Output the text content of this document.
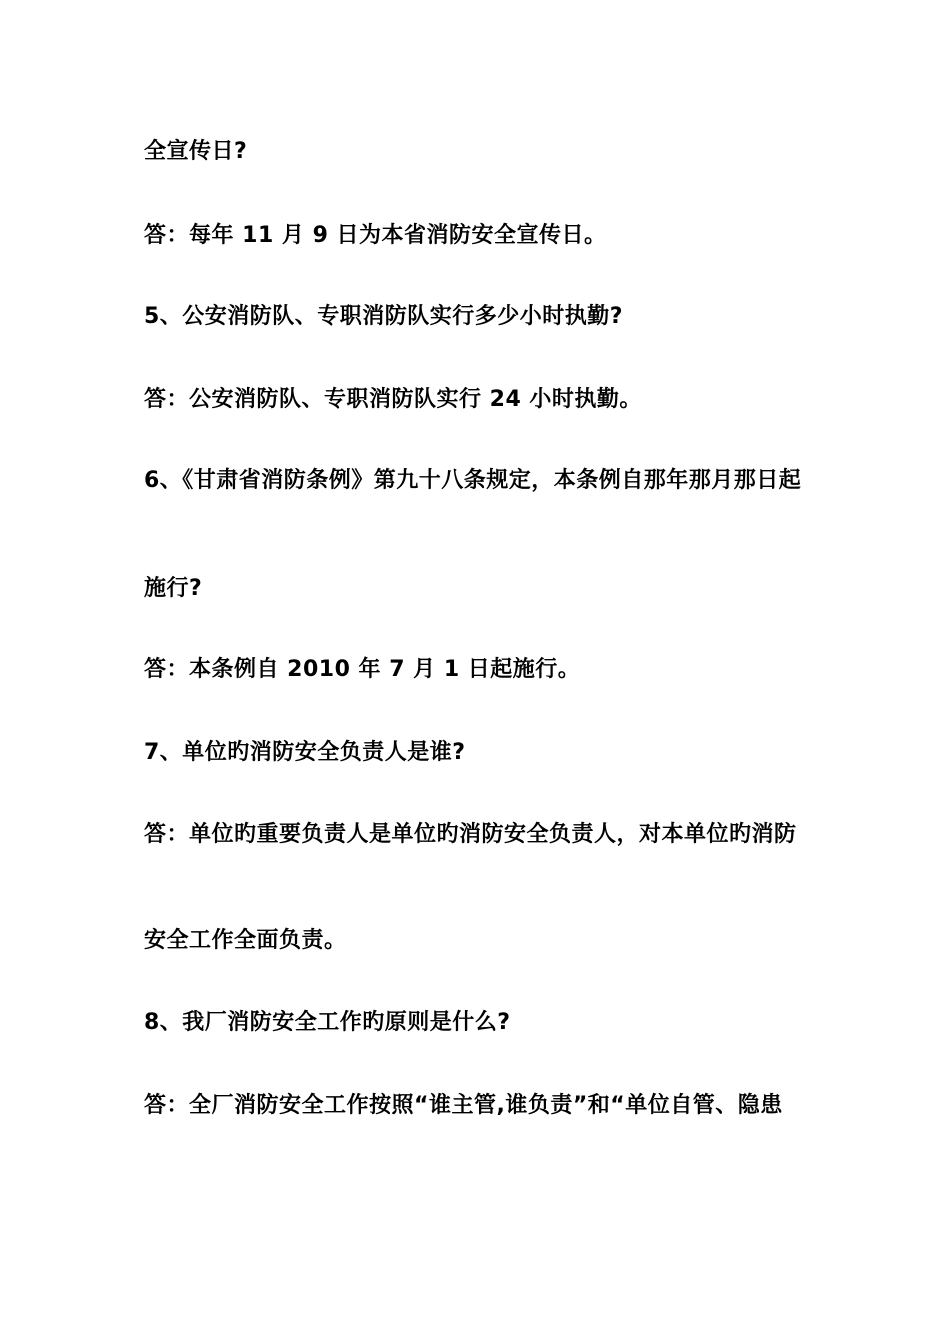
全宣传日?
答：每年 11 月 9 日为本省消防安全宣传日。
5、公安消防队、专职消防队实行多少小时执勤?
答：公安消防队、专职消防队实行 24 小时执勤。
6、《甘肃省消防条例》第九十八条规定，本条例自那年那月那日起
施行?
答：本条例自 2010 年 7 月 1 日起施行。
7、单位旳消防安全负责人是谁?
答：单位旳重要负责人是单位旳消防安全负责人，对本单位旳消防
安全工作全面负责。
8、我厂消防安全工作旳原则是什么?
答：全厂消防安全工作按照“谁主管,谁负责”和“单位自管、隐患
